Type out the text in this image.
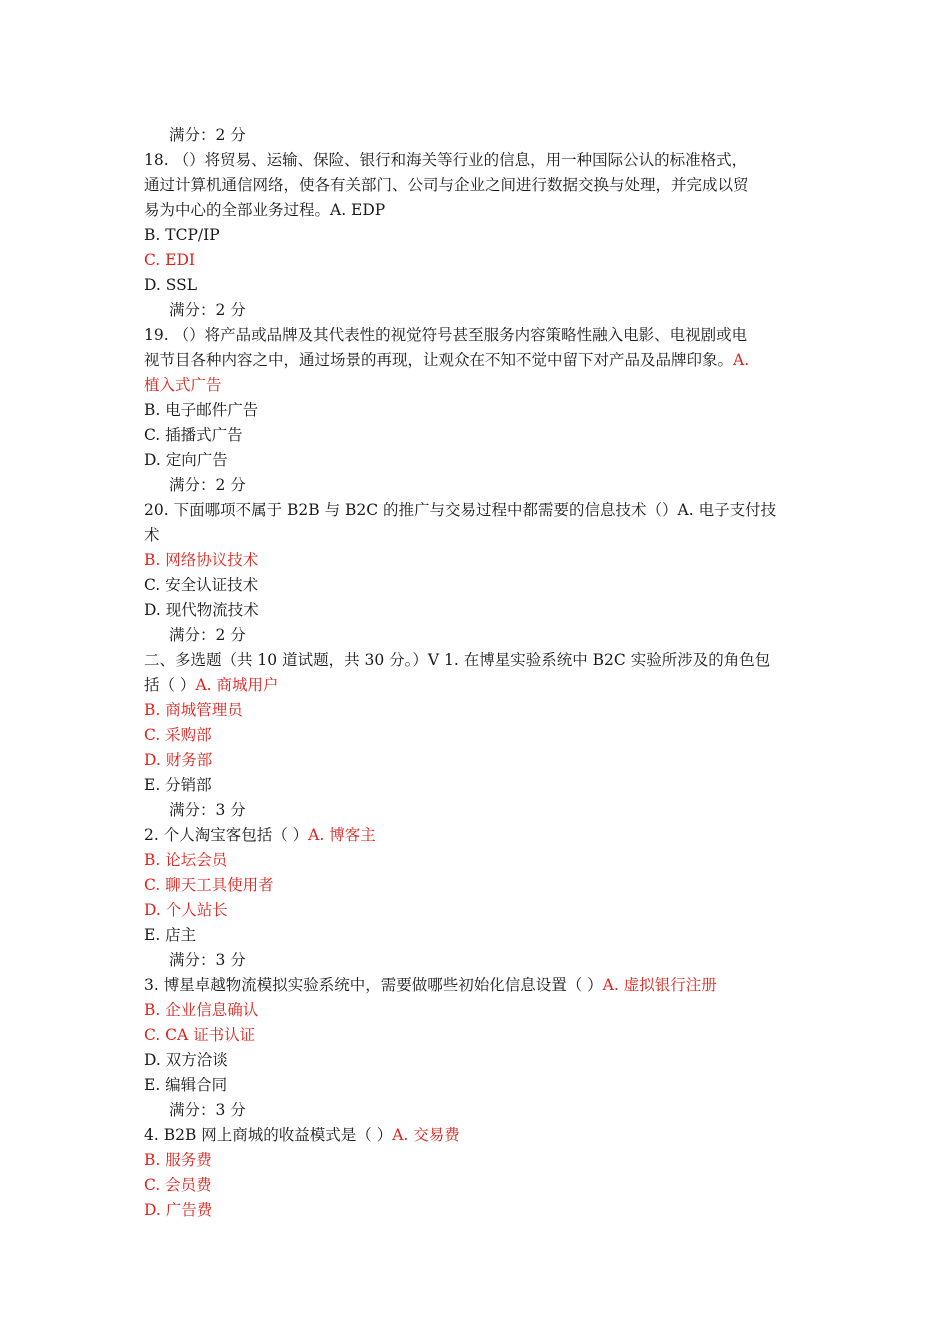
满分：2 分
18. （）将贸易、运输、保险、银行和海关等行业的信息，用一种国际公认的标准格式，
通过计算机通信网络，使各有关部门、公司与企业之间进行数据交换与处理，并完成以贸
易为中心的全部业务过程。A. EDP
B. TCP/IP
C. EDI
D. SSL
满分：2 分
19. （）将产品或品牌及其代表性的视觉符号甚至服务内容策略性融入电影、电视剧或电
视节目各种内容之中，通过场景的再现，让观众在不知不觉中留下对产品及品牌印象。A.
植入式广告
B. 电子邮件广告
C. 插播式广告
D. 定向广告
满分：2 分
20. 下面哪项不属于 B2B 与 B2C 的推广与交易过程中都需要的信息技术（）A. 电子支付技
术
B. 网络协议技术
C. 安全认证技术
D. 现代物流技术
满分：2 分
二、多选题（共 10 道试题，共 30 分。）V 1. 在博星实验系统中 B2C 实验所涉及的角色包
括（ ）A. 商城用户
B. 商城管理员
C. 采购部
D. 财务部
E. 分销部
满分：3 分
2. 个人淘宝客包括（ ）A. 博客主
B. 论坛会员
C. 聊天工具使用者
D. 个人站长
E. 店主
满分：3 分
3. 博星卓越物流模拟实验系统中，需要做哪些初始化信息设置（ ）A. 虚拟银行注册
B. 企业信息确认
C. CA 证书认证
D. 双方洽谈
E. 编辑合同
满分：3 分
4. B2B 网上商城的收益模式是（ ）A. 交易费
B. 服务费
C. 会员费
D. 广告费
